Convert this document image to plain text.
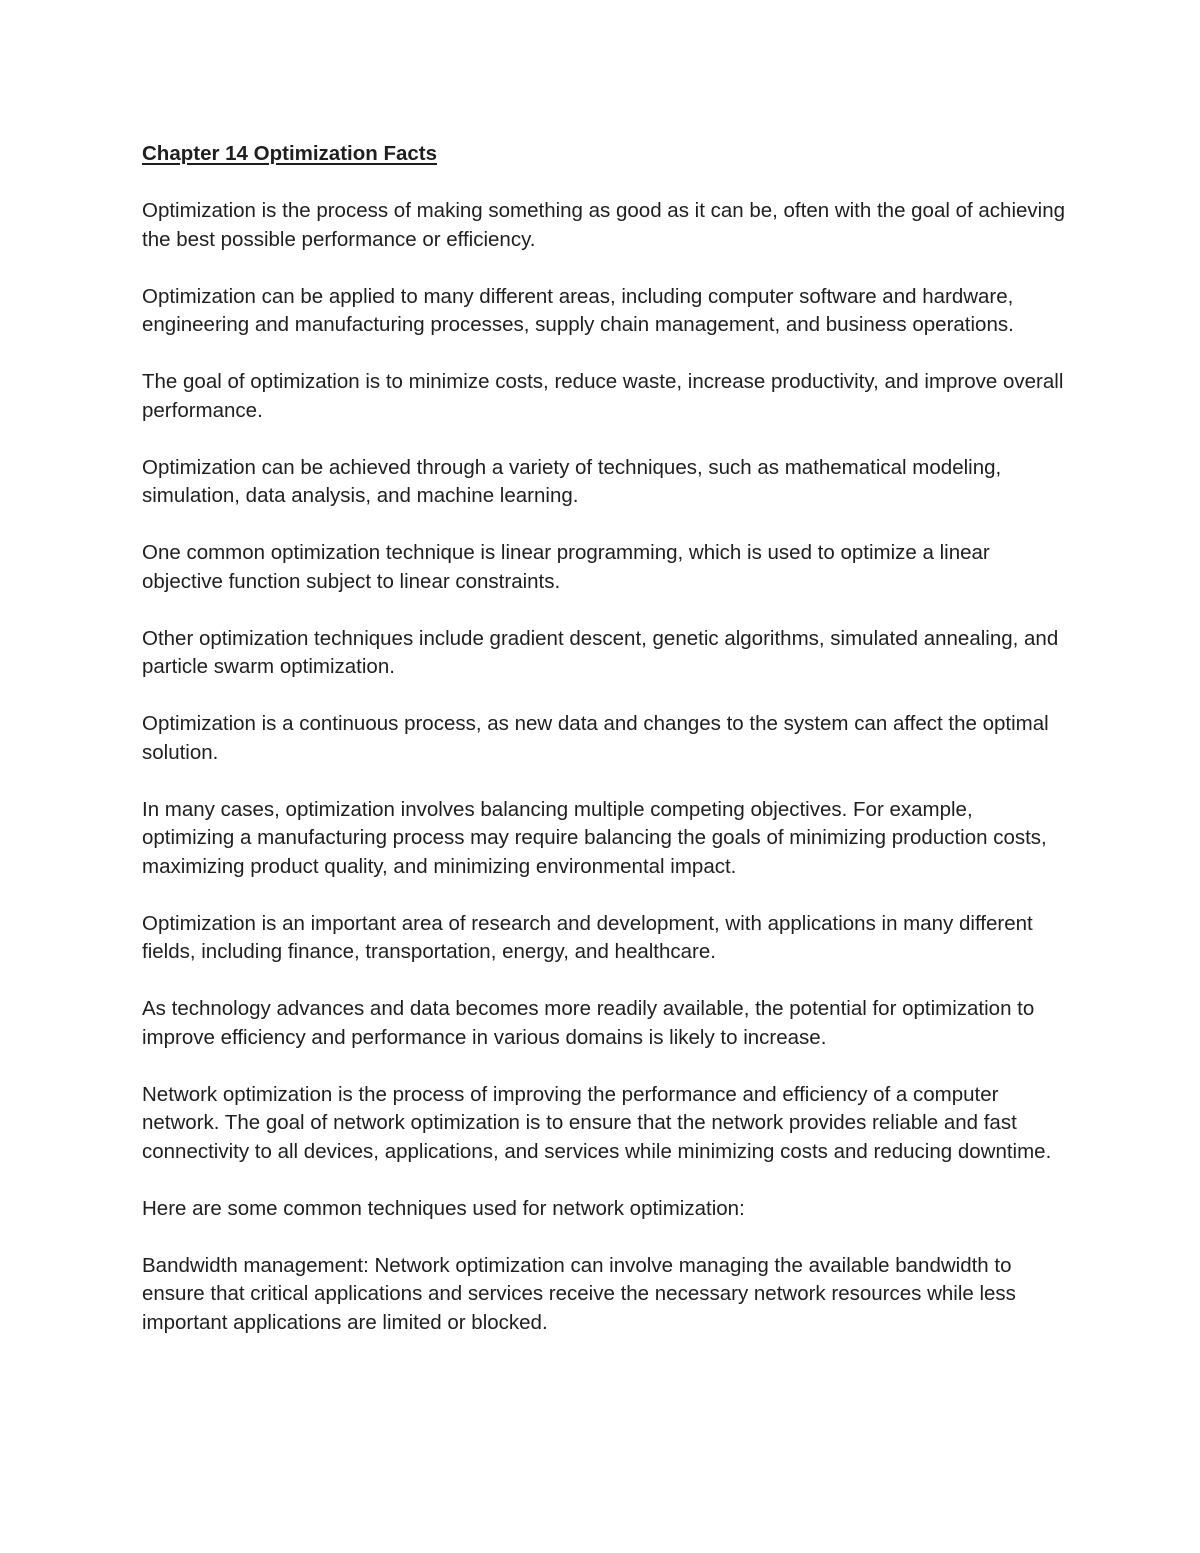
Chapter 14 Optimization Facts

Optimization is the process of making something as good as it can be, often with the goal of achieving the best possible performance or efficiency.

Optimization can be applied to many different areas, including computer software and hardware, engineering and manufacturing processes, supply chain management, and business operations.

The goal of optimization is to minimize costs, reduce waste, increase productivity, and improve overall performance.

Optimization can be achieved through a variety of techniques, such as mathematical modeling, simulation, data analysis, and machine learning.

One common optimization technique is linear programming, which is used to optimize a linear objective function subject to linear constraints.

Other optimization techniques include gradient descent, genetic algorithms, simulated annealing, and particle swarm optimization.

Optimization is a continuous process, as new data and changes to the system can affect the optimal solution.

In many cases, optimization involves balancing multiple competing objectives. For example, optimizing a manufacturing process may require balancing the goals of minimizing production costs, maximizing product quality, and minimizing environmental impact.

Optimization is an important area of research and development, with applications in many different fields, including finance, transportation, energy, and healthcare.

As technology advances and data becomes more readily available, the potential for optimization to improve efficiency and performance in various domains is likely to increase.

Network optimization is the process of improving the performance and efficiency of a computer network. The goal of network optimization is to ensure that the network provides reliable and fast connectivity to all devices, applications, and services while minimizing costs and reducing downtime.

Here are some common techniques used for network optimization:

Bandwidth management: Network optimization can involve managing the available bandwidth to ensure that critical applications and services receive the necessary network resources while less important applications are limited or blocked.
